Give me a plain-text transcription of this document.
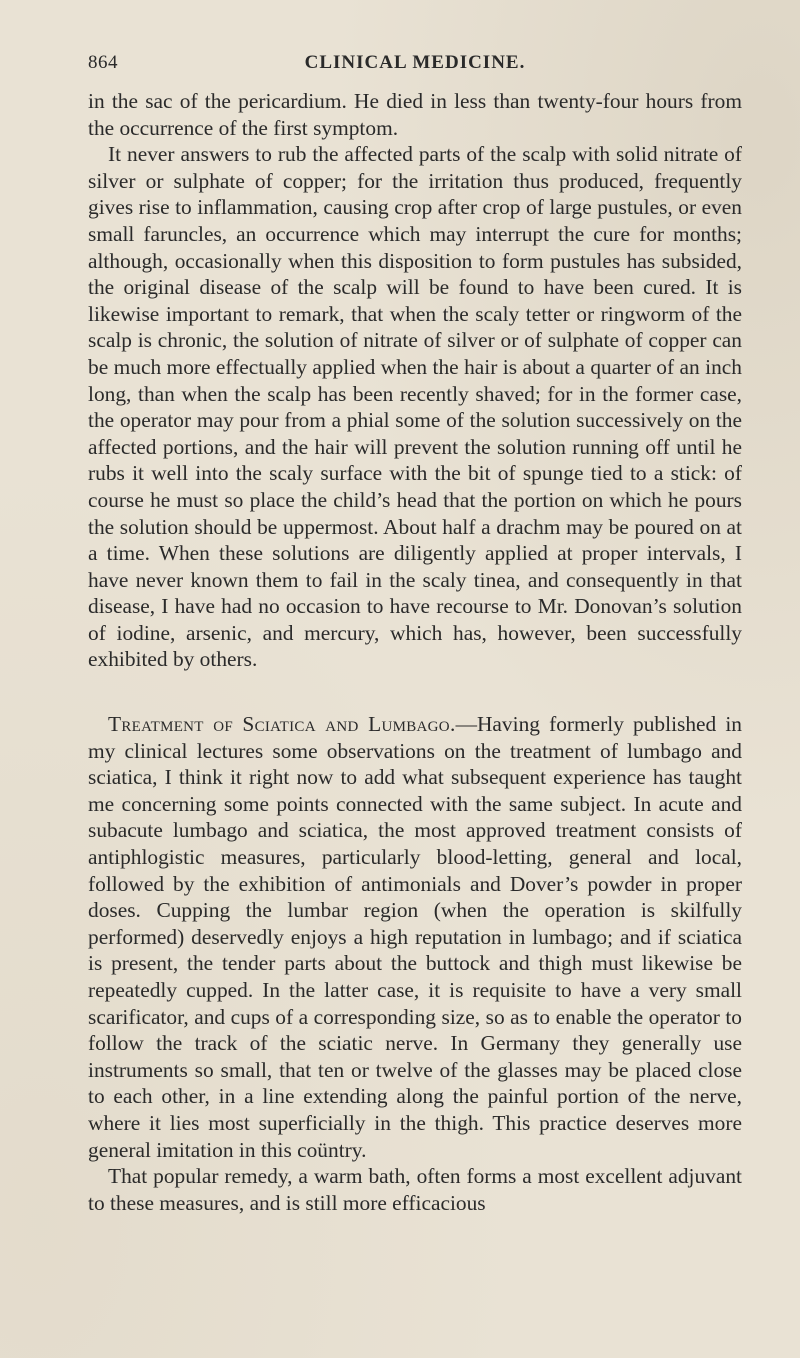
864	CLINICAL MEDICINE.

in the sac of the pericardium. He died in less than twenty-four hours from the occurrence of the first symptom.

It never answers to rub the affected parts of the scalp with solid nitrate of silver or sulphate of copper; for the irritation thus produced, frequently gives rise to inflammation, causing crop after crop of large pustules, or even small faruncles, an occurrence which may interrupt the cure for months; although, occasionally when this disposition to form pustules has subsided, the original disease of the scalp will be found to have been cured. It is likewise important to remark, that when the scaly tetter or ringworm of the scalp is chronic, the solution of nitrate of silver or of sulphate of copper can be much more effectually applied when the hair is about a quarter of an inch long, than when the scalp has been recently shaved; for in the former case, the operator may pour from a phial some of the solution successively on the affected portions, and the hair will prevent the solution running off until he rubs it well into the scaly surface with the bit of spunge tied to a stick: of course he must so place the child’s head that the portion on which he pours the solution should be uppermost. About half a drachm may be poured on at a time. When these solutions are diligently applied at proper intervals, I have never known them to fail in the scaly tinea, and consequently in that disease, I have had no occasion to have recourse to Mr. Donovan’s solution of iodine, arsenic, and mercury, which has, however, been successfully exhibited by others.

Treatment of Sciatica and Lumbago.—Having formerly published in my clinical lectures some observations on the treatment of lumbago and sciatica, I think it right now to add what subsequent experience has taught me concerning some points connected with the same subject. In acute and subacute lumbago and sciatica, the most approved treatment consists of antiphlogistic measures, particularly blood-letting, general and local, followed by the exhibition of antimonials and Dover’s powder in proper doses. Cupping the lumbar region (when the operation is skilfully performed) deservedly enjoys a high reputation in lumbago; and if sciatica is present, the tender parts about the buttock and thigh must likewise be repeatedly cupped. In the latter case, it is requisite to have a very small scarificator, and cups of a corresponding size, so as to enable the operator to follow the track of the sciatic nerve. In Germany they generally use instruments so small, that ten or twelve of the glasses may be placed close to each other, in a line extending along the painful portion of the nerve, where it lies most superficially in the thigh. This practice deserves more general imitation in this coüntry.

That popular remedy, a warm bath, often forms a most excellent adjuvant to these measures, and is still more efficacious
